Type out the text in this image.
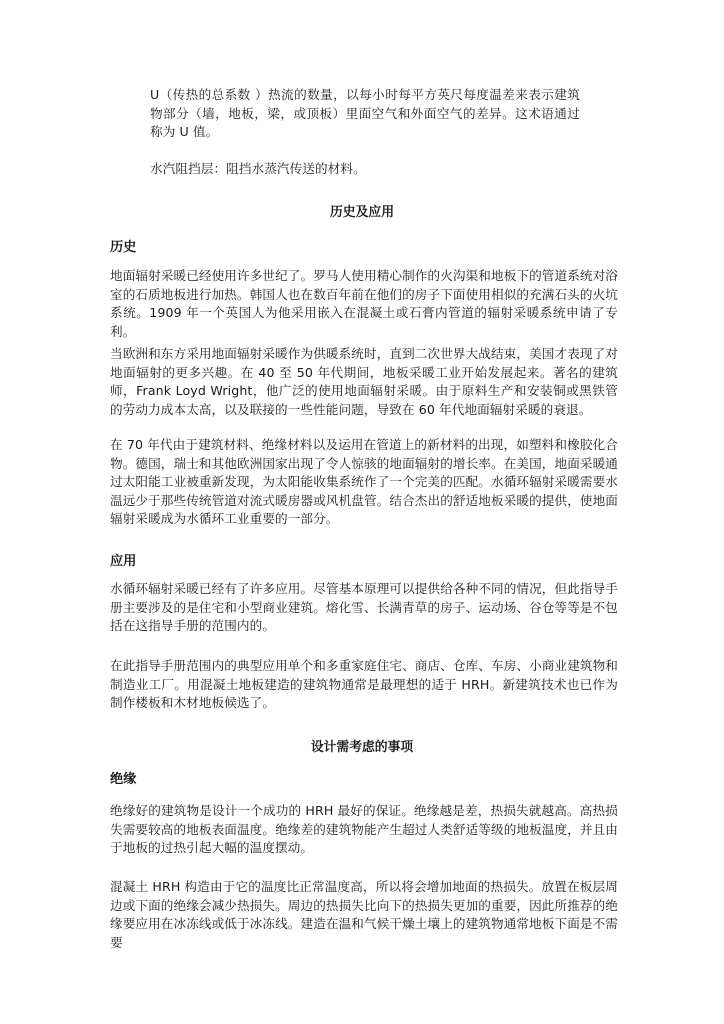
U（传热的总系数 ）热流的数量，以每小时每平方英尺每度温差来表示建筑物部分（墙，地板，梁，或顶板）里面空气和外面空气的差异。这术语通过称为 U 值。

水汽阻挡层：阻挡水蒸汽传送的材料。

历史及应用
历史

地面辐射采暖已经使用许多世纪了。罗马人使用精心制作的火沟渠和地板下的管道系统对浴室的石质地板进行加热。韩国人也在数百年前在他们的房子下面使用相似的充满石头的火坑系统。1909 年一个英国人为他采用嵌入在混凝土或石膏内管道的辐射采暖系统申请了专利。

当欧洲和东方采用地面辐射采暖作为供暖系统时，直到二次世界大战结束，美国才表现了对地面辐射的更多兴趣。在 40 至 50 年代期间，地板采暖工业开始发展起来。著名的建筑师，Frank Loyd Wright，他广泛的使用地面辐射采暖。由于原料生产和安装铜或黑铁管的劳动力成本太高，以及联接的一些性能问题，导致在 60 年代地面辐射采暖的衰退。

在 70 年代由于建筑材料、绝缘材料以及运用在管道上的新材料的出现，如塑料和橡胶化合物。德国，瑞士和其他欧洲国家出现了令人惊骇的地面辐射的增长率。在美国，地面采暖通过太阳能工业被重新发现，为太阳能收集系统作了一个完美的匹配。水循环辐射采暖需要水温远少于那些传统管道对流式暖房器或风机盘管。结合杰出的舒适地板采暖的提供，使地面辐射采暖成为水循环工业重要的一部分。

应用

水循环辐射采暖已经有了许多应用。尽管基本原理可以提供给各种不同的情况，但此指导手册主要涉及的是住宅和小型商业建筑。熔化雪、长满青草的房子、运动场、谷仓等等是不包括在这指导手册的范围内的。

在此指导手册范围内的典型应用单个和多重家庭住宅、商店、仓库、车房、小商业建筑物和制造业工厂。用混凝土地板建造的建筑物通常是最理想的适于 HRH。新建筑技术也已作为制作楼板和木材地板候选了。

设计需考虑的事项
绝缘

绝缘好的建筑物是设计一个成功的 HRH 最好的保证。绝缘越是差，热损失就越高。高热损失需要较高的地板表面温度。绝缘差的建筑物能产生超过人类舒适等级的地板温度，并且由于地板的过热引起大幅的温度摆动。

混凝土 HRH 构造由于它的温度比正常温度高，所以将会增加地面的热损失。放置在板层周边或下面的绝缘会减少热损失。周边的热损失比向下的热损失更加的重要，因此所推荐的绝缘要应用在冰冻线或低于冰冻线。建造在温和气候干燥土壤上的建筑物通常地板下面是不需要
